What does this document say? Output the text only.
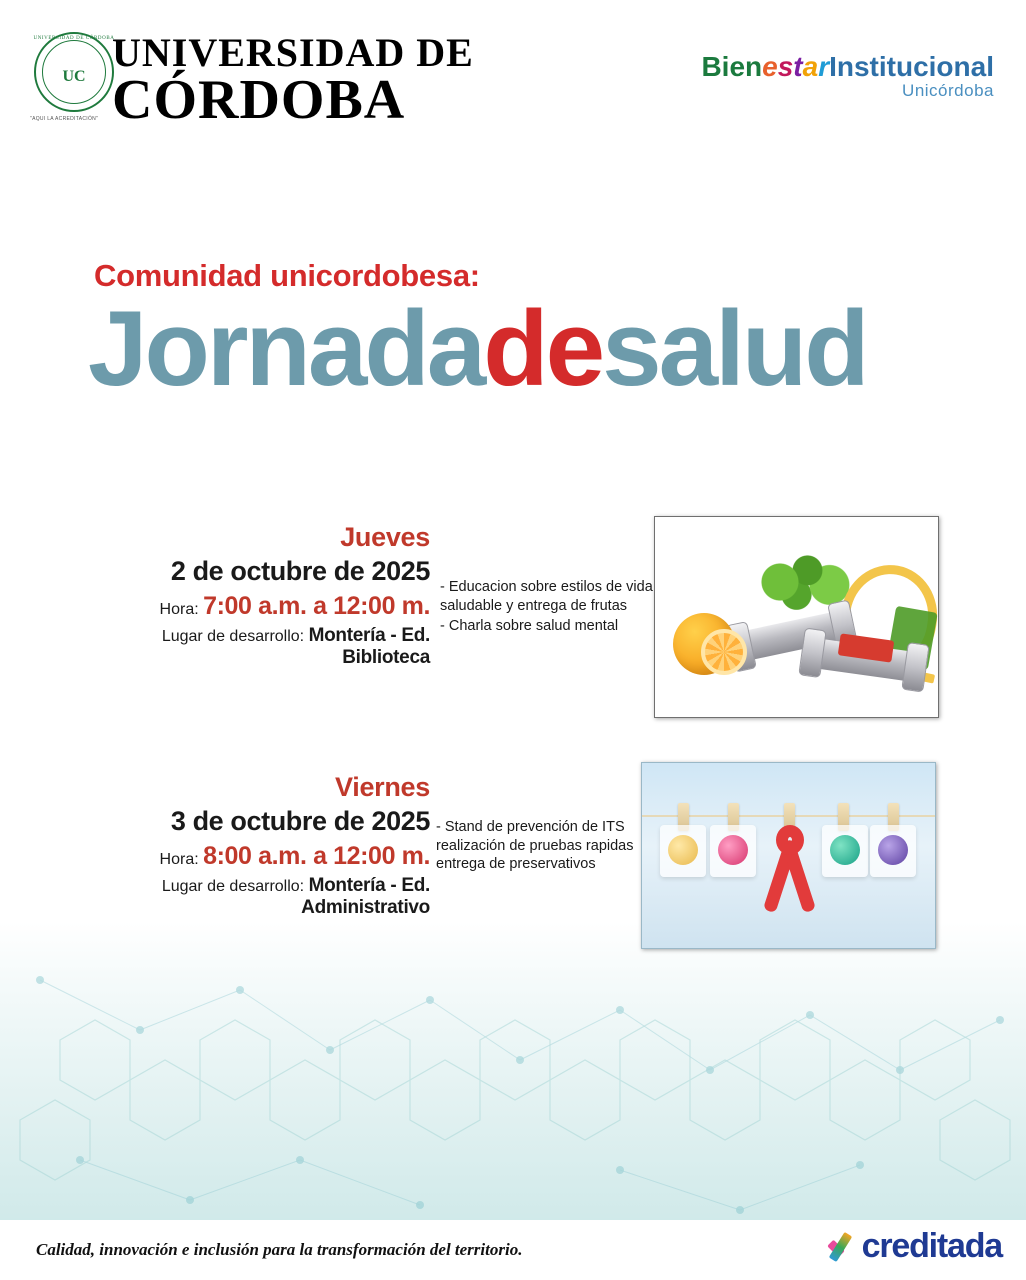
UNIVERSIDAD DE CÓRDOBA
UC
"AQUI LA ACREDITACIÓN"
UNIVERSIDAD DE
CÓRDOBA
BienestarInstitucional
Unicórdoba
Comunidad unicordobesa:
Jornadadesalud
Jueves
2 de octubre de 2025
Hora: 7:00 a.m. a 12:00 m.
Lugar de desarrollo: Montería - Ed. Biblioteca
- Educacion sobre estilos de vida
saludable y entrega de frutas
- Charla sobre salud mental
Viernes
3 de octubre de 2025
Hora: 8:00 a.m. a 12:00 m.
Lugar de desarrollo: Montería - Ed. Administrativo
- Stand de prevención de ITS
realización de pruebas rapidas
entrega de preservativos
Calidad, innovación e inclusión para la transformación del territorio.	creditada
